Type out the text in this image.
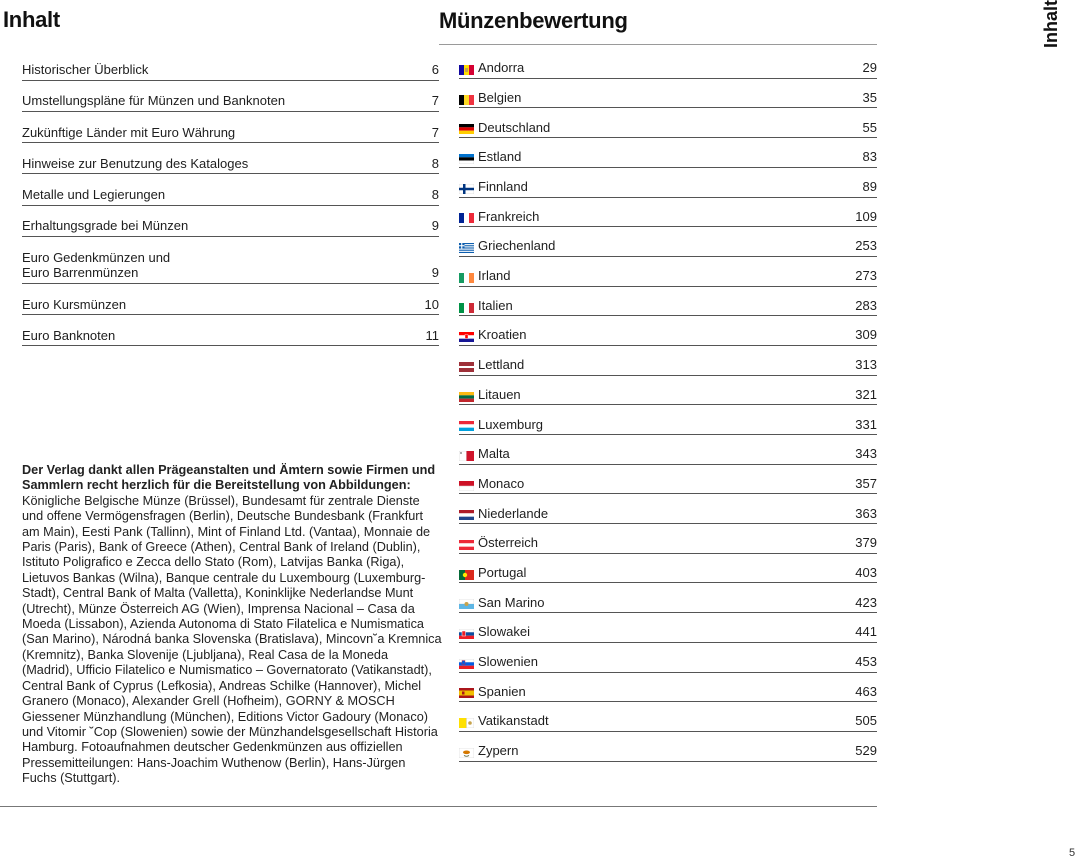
Inhalt	Münzenbewertung	Inhalt
Historischer Überblick	6
Umstellungspläne für Münzen und Banknoten	7
Zukünftige Länder mit Euro Währung	7
Hinweise zur Benutzung des Kataloges	8
Metalle und Legierungen	8
Erhaltungsgrade bei Münzen	9
Euro Gedenkmünzen und
Euro Barrenmünzen	9
Euro Kursmünzen	10
Euro Banknoten	11
Andorra	29
Belgien	35
Deutschland	55
Estland	83
Finnland	89
Frankreich	109
Griechenland	253
Irland	273
Italien	283
Kroatien	309
Lettland	313
Litauen	321
Luxemburg	331
Malta	343
Monaco	357
Niederlande	363
Österreich	379
Portugal	403
San Marino	423
Slowakei	441
Slowenien	453
Spanien	463
Vatikanstadt	505
Zypern	529
Der Verlag dankt allen Prägeanstalten und Ämtern sowie Firmen und Sammlern recht herzlich für die Bereitstellung von Abbildungen: Königliche Belgische Münze (Brüssel), Bundesamt für zentrale Dienste und offene Vermögensfragen (Berlin), Deutsche Bundesbank (Frankfurt am Main), Eesti Pank (Tallinn), Mint of Finland Ltd. (Vantaa), Monnaie de Paris (Paris), Bank of Greece (Athen), Central Bank of Ireland (Dublin), Istituto Poligrafico e Zecca dello Stato (Rom), Latvijas Banka (Riga), Lietuvos Bankas (Wilna), Banque centrale du Luxembourg (Luxemburg-Stadt), Central Bank of Malta (Valletta), Koninklijke Nederlandse Munt (Utrecht), Münze Österreich AG (Wien), Imprensa Nacional – Casa da Moeda (Lissabon), Azienda Autonoma di Stato Filatelica e Numismatica (San Marino), Národná banka Slovenska (Bratislava), Mincovn˘a Kremnica (Kremnitz), Banka Slovenije (Ljubljana), Real Casa de la Moneda (Madrid), Ufficio Filatelico e Numismatico – Governatorato (Vatikanstadt), Central Bank of Cyprus (Lefkosia), Andreas Schilke (Hannover), Michel Granero (Monaco), Alexander Grell (Hofheim), GORNY & MOSCH Giessener Münzhandlung (München), Editions Victor Gadoury (Monaco) und Vitomir ˘Cop (Slowenien) sowie der Münzhandelsgesellschaft Historia Hamburg. Fotoaufnahmen deutscher Gedenkmünzen aus offiziellen Pressemitteilungen: Hans-Joachim Wuthenow (Berlin), Hans-Jürgen Fuchs (Stuttgart).
5
